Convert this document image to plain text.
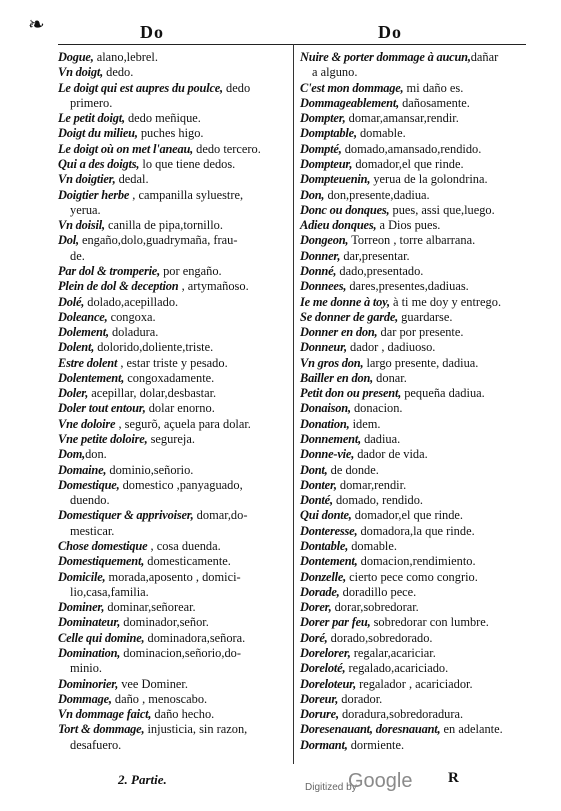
❧	Do	Do
Dogue, alano,lebrel.
Vn doigt, dedo.
Le doigt qui est aupres du poulce, dedo
primero.
Le petit doigt, dedo meñique.
Doigt du milieu, puches higo.
Le doigt où on met l'aneau, dedo tercero.
Qui a des doigts, lo que tiene dedos.
Vn doigtier, dedal.
Doigtier herbe , campanilla syluestre,
yerua.
Vn doisil, canilla de pipa,tornillo.
Dol, engaño,dolo,guadrymaña, frau-
de.
Par dol & tromperie, por engaño.
Plein de dol & deception , artymañoso.
Dolé, dolado,acepillado.
Doleance, congoxa.
Dolement, doladura.
Dolent, dolorido,doliente,triste.
Estre dolent , estar triste y pesado.
Dolentement, congoxadamente.
Doler, acepillar, dolar,desbastar.
Doler tout entour, dolar enorno.
Vne doloire , segurõ, açuela para dolar.
Vne petite doloire, segureja.
Dom,don.
Domaine, dominio,señorio.
Domestique, domestico ,panyaguado,
duendo.
Domestiquer & apprivoiser, domar,do-
mesticar.
Chose domestique , cosa duenda.
Domestiquement, domesticamente.
Domicile, morada,aposento , domici-
lio,casa,familia.
Dominer, dominar,señorear.
Dominateur, dominador,señor.
Celle qui domine, dominadora,señora.
Domination, dominacion,señorio,do-
minio.
Dominorier, vee Dominer.
Dommage, daño , menoscabo.
Vn dommage faict, daño hecho.
Tort & dommage, injusticia, sin razon,
desafuero.
Nuire & porter dommage à aucun,dañar
a alguno.
C'est mon dommage, mi daño es.
Dommageablement, dañosamente.
Dompter, domar,amansar,rendir.
Domptable, domable.
Dompté, domado,amansado,rendido.
Dompteur, domador,el que rinde.
Dompteuenin, yerua de la golondrina.
Don, don,presente,dadiua.
Donc ou donques, pues, assi que,luego.
Adieu donques, a Dios pues.
Dongeon, Torreon , torre albarrana.
Donner, dar,presentar.
Donné, dado,presentado.
Donnees, dares,presentes,dadiuas.
Ie me donne à toy, à ti me doy y entrego.
Se donner de garde, guardarse.
Donner en don, dar por presente.
Donneur, dador , dadiuoso.
Vn gros don, largo presente, dadiua.
Bailler en don, donar.
Petit don ou present, pequeña dadiua.
Donaison, donacion.
Donation, idem.
Donnement, dadiua.
Donne-vie, dador de vida.
Dont, de donde.
Donter, domar,rendir.
Donté, domado, rendido.
Qui donte, domador,el que rinde.
Donteresse, domadora,la que rinde.
Dontable, domable.
Dontement, domacion,rendimiento.
Donzelle, cierto pece como congrio.
Dorade, doradillo pece.
Dorer, dorar,sobredorar.
Dorer par feu, sobredorar con lumbre.
Doré, dorado,sobredorado.
Dorelorer, regalar,acariciar.
Doreloté, regalado,acariciado.
Doreloteur, regalador , acariciador.
Doreur, dorador.
Dorure, doradura,sobredoradura.
Doresenauant, doresnauant, en adelante.
Dormant, dormiente.
2. Partie.
Digitized by
Google R
